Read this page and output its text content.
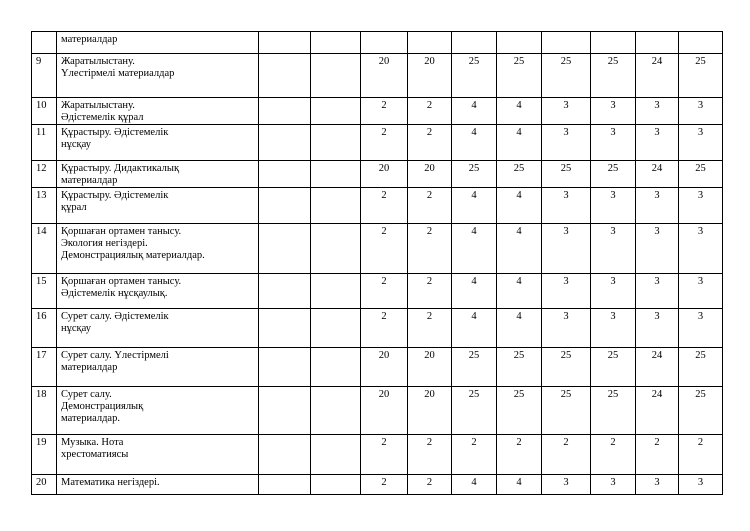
	материалдар										
9	Жаратылыстану.
Үлестірмелі материалдар			20	20	25	25	25	25	24	25
10	Жаратылыстану.
Әдістемелік құрал			2	2	4	4	3	3	3	3
11	Құрастыру. Әдістемелік
нұсқау			2	2	4	4	3	3	3	3
12	Құрастыру. Дидактикалық
материалдар			20	20	25	25	25	25	24	25
13	Құрастыру. Әдістемелік
құрал			2	2	4	4	3	3	3	3
14	Қоршаған ортамен танысу.
Экология негіздері.
Демонстрациялық материалдар.			2	2	4	4	3	3	3	3
15	Қоршаған ортамен танысу.
Әдістемелік нұсқаулық.			2	2	4	4	3	3	3	3
16	Сурет салу. Әдістемелік
нұсқау			2	2	4	4	3	3	3	3
17	Сурет салу. Үлестірмелі
материалдар			20	20	25	25	25	25	24	25
18	Сурет салу.
Демонстрациялық
материалдар.			20	20	25	25	25	25	24	25
19	Музыка. Нота
хрестоматиясы			2	2	2	2	2	2	2	2
20	Математика негіздері.			2	2	4	4	3	3	3	3
